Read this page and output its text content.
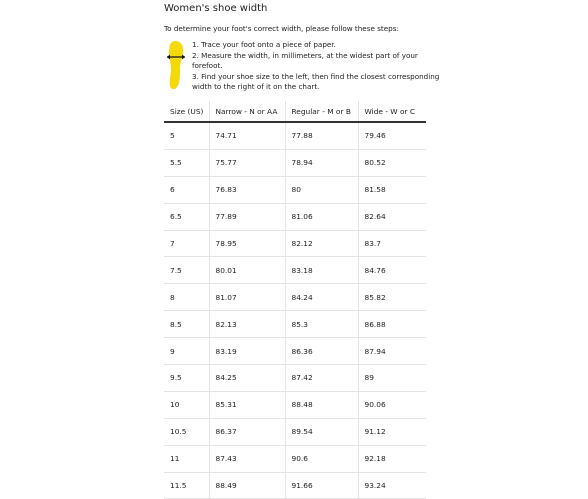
Women's shoe width
To determine your foot's correct width, please follow these steps:
1. Trace your foot onto a piece of paper.
2. Measure the width, in millimeters, at the widest part of your
forefoot.
3. Find your shoe size to the left, then find the closest corresponding
width to the right of it on the chart.
Size (US)	Narrow - N or AA	Regular - M or B	Wide - W or C
5	74.71	77.88	79.46
5.5	75.77	78.94	80.52
6	76.83	80	81.58
6.5	77.89	81.06	82.64
7	78.95	82.12	83.7
7.5	80.01	83.18	84.76
8	81.07	84.24	85.82
8.5	82.13	85.3	86.88
9	83.19	86.36	87.94
9.5	84.25	87.42	89
10	85.31	88.48	90.06
10.5	86.37	89.54	91.12
11	87.43	90.6	92.18
11.5	88.49	91.66	93.24
